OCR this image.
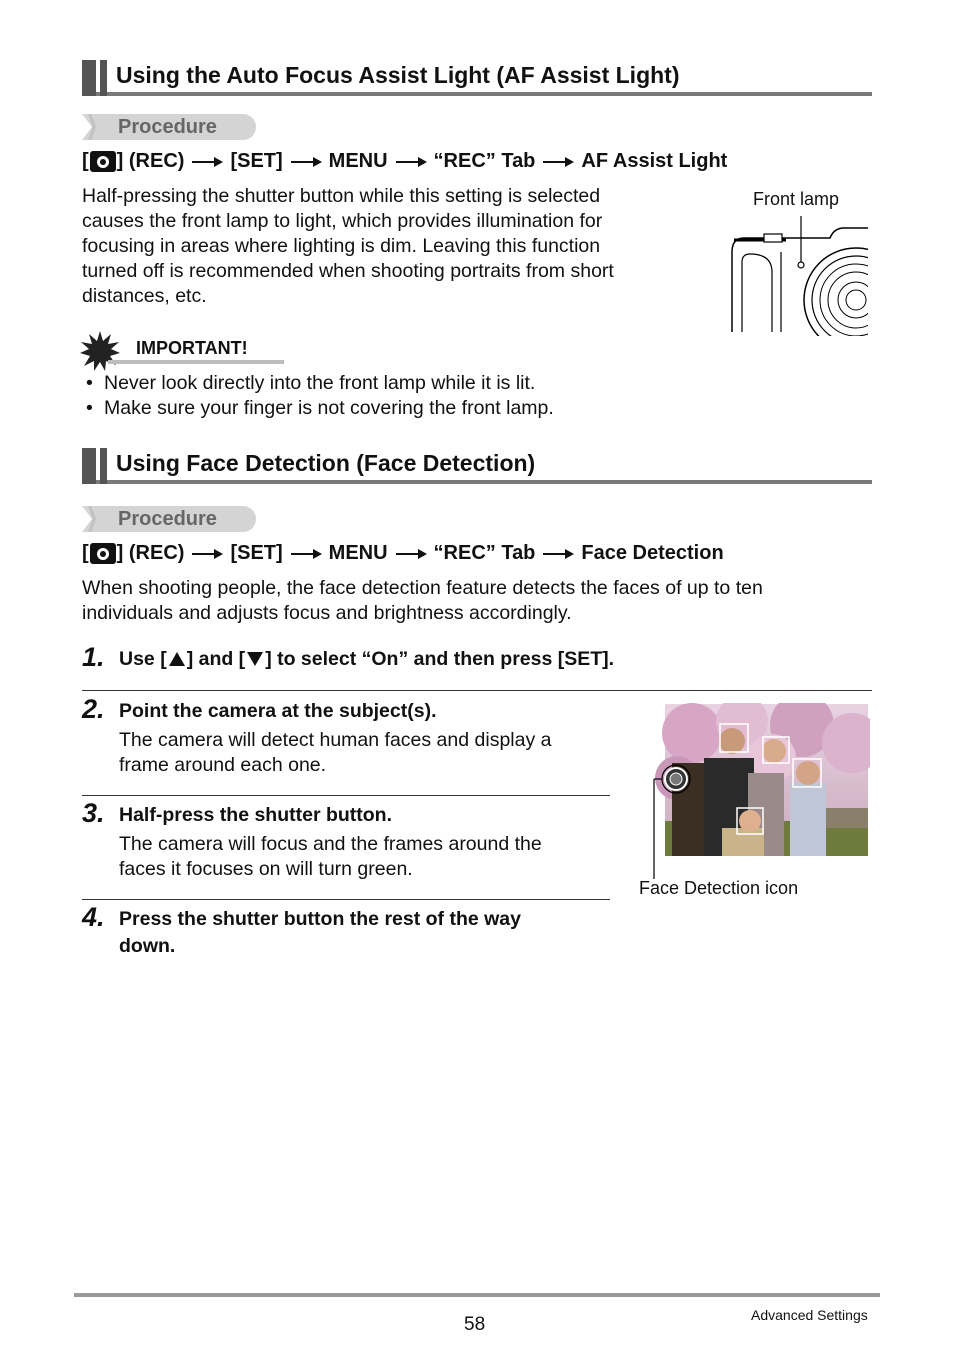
Using the Auto Focus Assist Light (AF Assist Light)
Procedure
[ ] (REC) [SET] MENU “REC” Tab AF Assist Light
Half-pressing the shutter button while this setting is selected
causes the front lamp to light, which provides illumination for
focusing in areas where lighting is dim. Leaving this function
turned off is recommended when shooting portraits from short
distances, etc.
Front lamp
IMPORTANT!
• Never look directly into the front lamp while it is lit.
• Make sure your finger is not covering the front lamp.
Using Face Detection (Face Detection)
Procedure
[ ] (REC) [SET] MENU “REC” Tab Face Detection
When shooting people, the face detection feature detects the faces of up to ten
individuals and adjusts focus and brightness accordingly.
1. Use [ ] and [ ] to select “On” and then press [SET].
2. Point the camera at the subject(s).
The camera will detect human faces and display a
frame around each one.
3. Half-press the shutter button.
The camera will focus and the frames around the
faces it focuses on will turn green.
4. Press the shutter button the rest of the way
down.
Face Detection icon
58	Advanced Settings
